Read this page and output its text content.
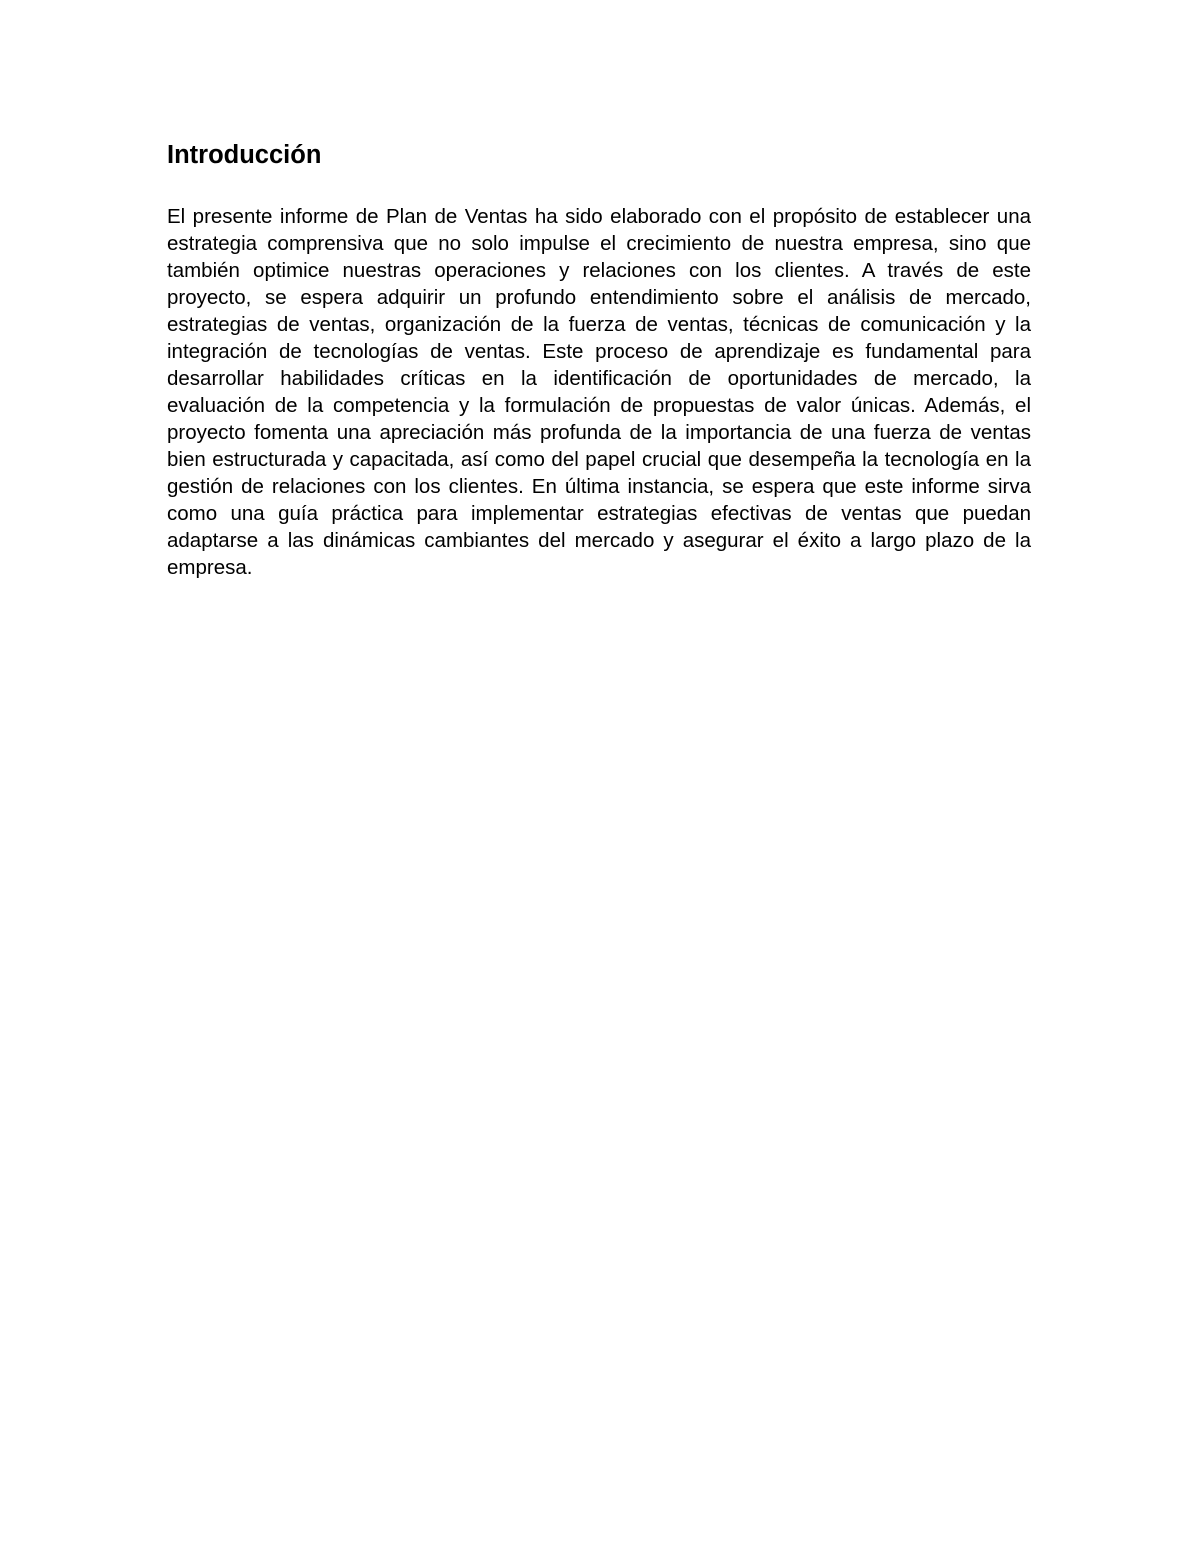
Introducción

El presente informe de Plan de Ventas ha sido elaborado con el propósito de establecer una estrategia comprensiva que no solo impulse el crecimiento de nuestra empresa, sino que también optimice nuestras operaciones y relaciones con los clientes. A través de este proyecto, se espera adquirir un profundo entendimiento sobre el análisis de mercado, estrategias de ventas, organización de la fuerza de ventas, técnicas de comunicación y la integración de tecnologías de ventas. Este proceso de aprendizaje es fundamental para desarrollar habilidades críticas en la identificación de oportunidades de mercado, la evaluación de la competencia y la formulación de propuestas de valor únicas. Además, el proyecto fomenta una apreciación más profunda de la importancia de una fuerza de ventas bien estructurada y capacitada, así como del papel crucial que desempeña la tecnología en la gestión de relaciones con los clientes. En última instancia, se espera que este informe sirva como una guía práctica para implementar estrategias efectivas de ventas que puedan adaptarse a las dinámicas cambiantes del mercado y asegurar el éxito a largo plazo de la empresa.
